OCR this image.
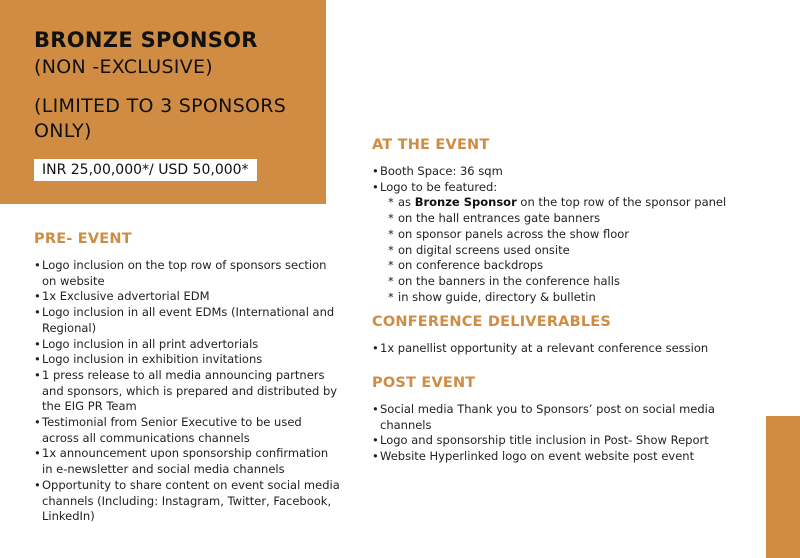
BRONZE SPONSOR

(NON -EXCLUSIVE)

(LIMITED TO 3 SPONSORS ONLY)

INR 25,00,000*/ USD 50,000*
PRE- EVENT
• Logo inclusion on the top row of sponsors section on website
• 1x Exclusive advertorial EDM
• Logo inclusion in all event EDMs (International and Regional)
• Logo inclusion in all print advertorials
• Logo inclusion in exhibition invitations
• 1 press release to all media announcing partners and sponsors, which is prepared and distributed by the EIG PR Team
• Testimonial from Senior Executive to be used across all communications channels
• 1x announcement upon sponsorship confirmation in e-newsletter and social media channels
• Opportunity to share content on event social media channels (Including: Instagram, Twitter, Facebook, LinkedIn)
AT THE EVENT
• Booth Space: 36 sqm
• Logo to be featured:
* as Bronze Sponsor on the top row of the sponsor panel
* on the hall entrances gate banners
* on sponsor panels across the show floor
* on digital screens used onsite
* on conference backdrops
* on the banners in the conference halls
* in show guide, directory & bulletin
CONFERENCE DELIVERABLES
• 1x panellist opportunity at a relevant conference session
POST EVENT
• Social media Thank you to Sponsors’ post on social media channels
• Logo and sponsorship title inclusion in Post- Show Report
• Website Hyperlinked logo on event website post event
